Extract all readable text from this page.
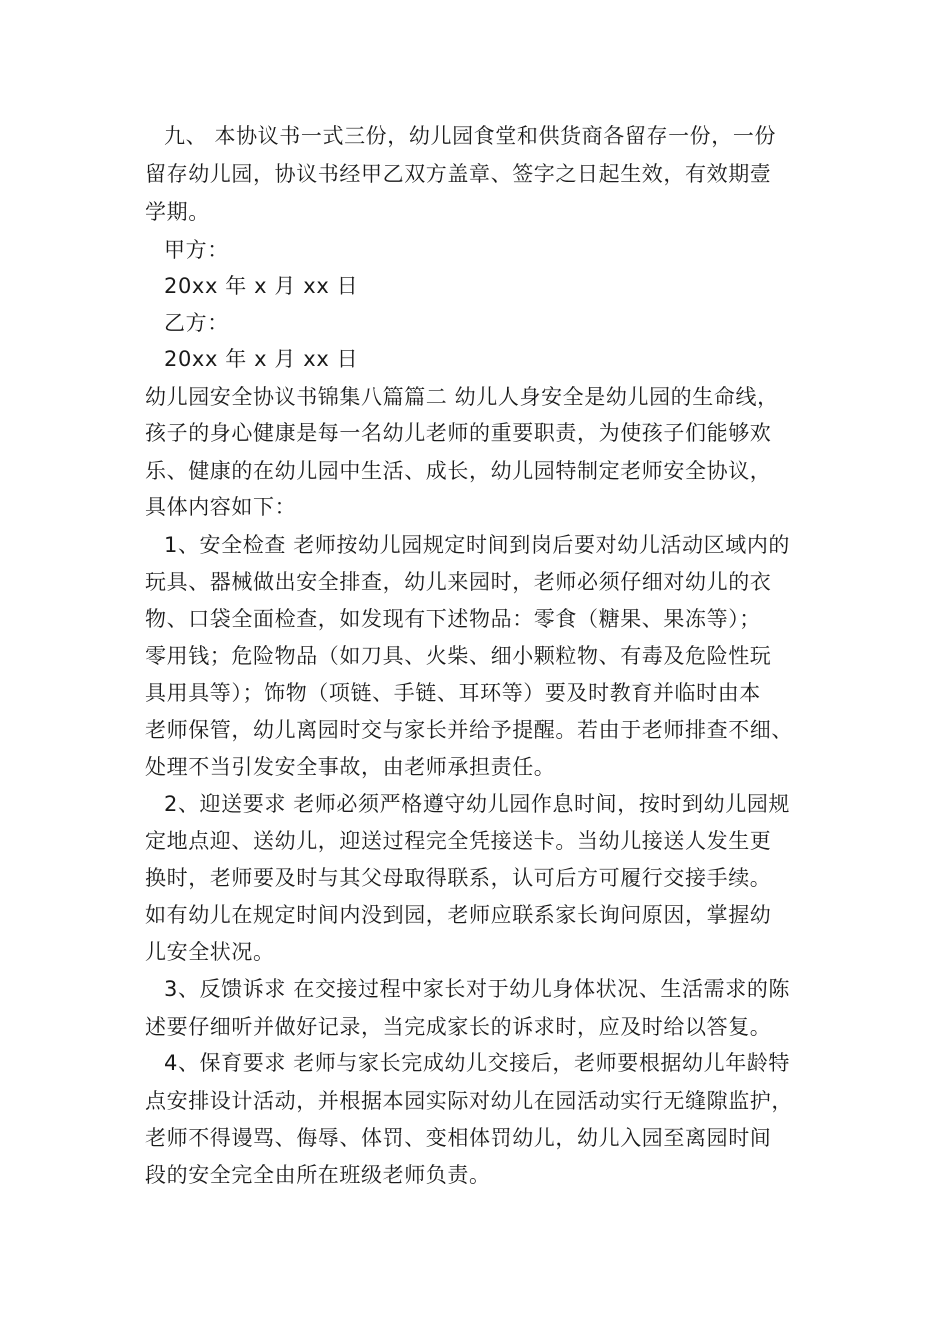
九、 本协议书一式三份，幼儿园食堂和供货商各留存一份，一份
留存幼儿园，协议书经甲乙双方盖章、签字之日起生效，有效期壹
学期。
甲方：
20xx 年 x 月 xx 日
乙方：
20xx 年 x 月 xx 日
幼儿园安全协议书锦集八篇篇二 幼儿人身安全是幼儿园的生命线，
孩子的身心健康是每一名幼儿老师的重要职责，为使孩子们能够欢
乐、健康的在幼儿园中生活、成长，幼儿园特制定老师安全协议，
具体内容如下：
1、安全检查 老师按幼儿园规定时间到岗后要对幼儿活动区域内的
玩具、器械做出安全排查，幼儿来园时，老师必须仔细对幼儿的衣
物、口袋全面检查，如发现有下述物品：零食（糖果、果冻等）；
零用钱；危险物品（如刀具、火柴、细小颗粒物、有毒及危险性玩
具用具等）；饰物（项链、手链、耳环等）要及时教育并临时由本
老师保管，幼儿离园时交与家长并给予提醒。若由于老师排查不细、
处理不当引发安全事故，由老师承担责任。
2、迎送要求 老师必须严格遵守幼儿园作息时间，按时到幼儿园规
定地点迎、送幼儿，迎送过程完全凭接送卡。当幼儿接送人发生更
换时，老师要及时与其父母取得联系，认可后方可履行交接手续。
如有幼儿在规定时间内没到园，老师应联系家长询问原因，掌握幼
儿安全状况。
3、反馈诉求 在交接过程中家长对于幼儿身体状况、生活需求的陈
述要仔细听并做好记录，当完成家长的诉求时，应及时给以答复。
4、保育要求 老师与家长完成幼儿交接后，老师要根据幼儿年龄特
点安排设计活动，并根据本园实际对幼儿在园活动实行无缝隙监护，
老师不得谩骂、侮辱、体罚、变相体罚幼儿，幼儿入园至离园时间
段的安全完全由所在班级老师负责。
